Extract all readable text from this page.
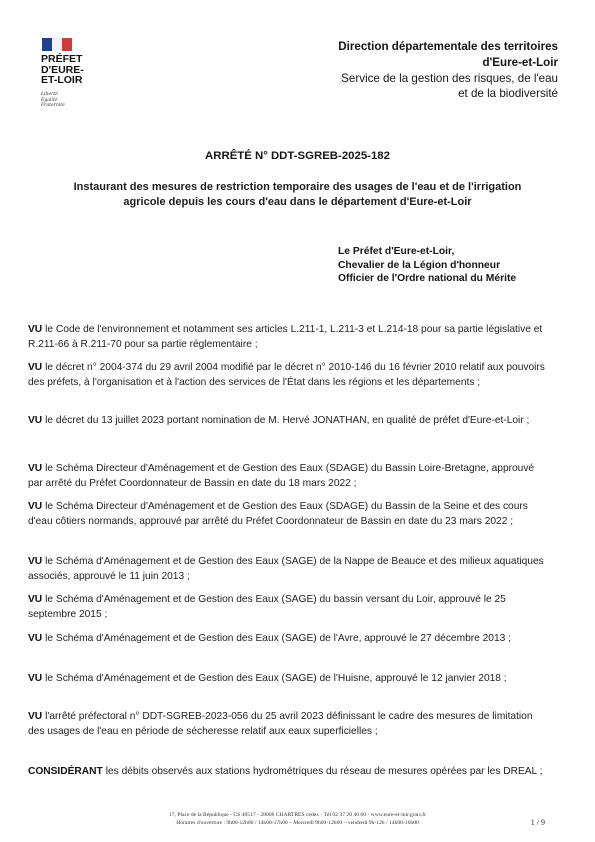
PRÉFET
D'EURE-
ET-LOIR
Liberté
Égalité
Fraternité
Direction départementale des territoires
d'Eure-et-Loir
Service de la gestion des risques, de l'eau
et de la biodiversité
ARRÊTÉ N° DDT-SGREB-2025-182
Instaurant des mesures de restriction temporaire des usages de l'eau et de l'irrigation
agricole depuis les cours d'eau dans le département d'Eure-et-Loir
Le Préfet d'Eure-et-Loir,
Chevalier de la Légion d'honneur
Officier de l'Ordre national du Mérite

VU le Code de l'environnement et notamment ses articles L.211-1, L.211-3 et L.214-18 pour sa partie législative et R.211-66 à R.211-70 pour sa partie réglementaire ;

VU le décret n° 2004-374 du 29 avril 2004 modifié par le décret n° 2010-146 du 16 février 2010 relatif aux pouvoirs des préfets, à l'organisation et à l'action des services de l'État dans les régions et les départements ;

VU le décret du 13 juillet 2023 portant nomination de M. Hervé JONATHAN, en qualité de préfet d'Eure-et-Loir ;

VU le Schéma Directeur d'Aménagement et de Gestion des Eaux (SDAGE) du Bassin Loire-Bretagne, approuvé par arrêté du Préfet Coordonnateur de Bassin en date du 18 mars 2022 ;

VU le Schéma Directeur d'Aménagement et de Gestion des Eaux (SDAGE) du Bassin de la Seine et des cours d'eau côtiers normands, approuvé par arrêté du Préfet Coordonnateur de Bassin en date du 23 mars 2022 ;

VU le Schéma d'Aménagement et de Gestion des Eaux (SAGE) de la Nappe de Beauce et des milieux aquatiques associés, approuvé le 11 juin 2013 ;

VU le Schéma d'Aménagement et de Gestion des Eaux (SAGE) du bassin versant du Loir, approuvé le 25 septembre 2015 ;

VU le Schéma d'Aménagement et de Gestion des Eaux (SAGE) de l'Avre, approuvé le 27 décembre 2013 ;

VU le Schéma d'Aménagement et de Gestion des Eaux (SAGE) de l'Huisne, approuvé le 12 janvier 2018 ;

VU l'arrêté préfectoral n° DDT-SGREB-2023-056 du 25 avril 2023 définissant le cadre des mesures de limitation des usages de l'eau en période de sécheresse relatif aux eaux superficielles ;

CONSIDÉRANT les débits observés aux stations hydrométriques du réseau de mesures opérées par les DREAL ;

17, Place de la République - CS 40517 - 28008 CHARTRES cedex · Tél 02 37 20 40 60 · www.eure-et-loir.gouv.fr
Horaires d'ouverture : 9h00-12h00 / 14h00-17h00 – Mercredi 9h00-12h00 – vendredi 9h-12h / 14h00-16h00	1 / 9
